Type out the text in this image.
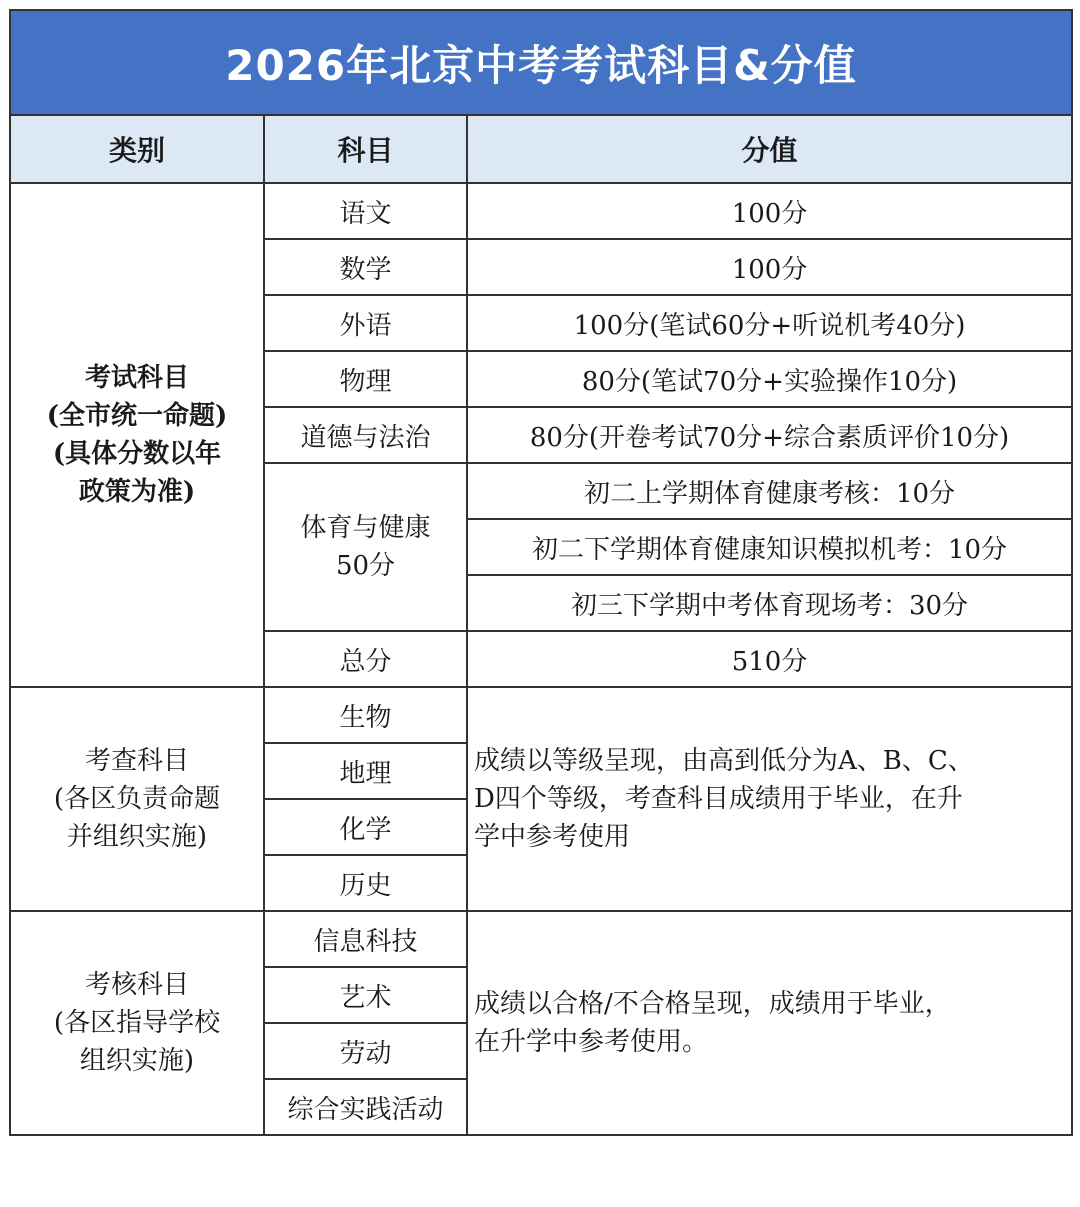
2026年北京中考考试科目&分值		
类别	科目	分值

考试科目
(全市统一命题)
(具体分数以年
政策为准)	语文	100分
	数学	100分
	外语	100分(笔试60分+听说机考40分)
	物理	80分(笔试70分+实验操作10分)
	道德与法治	80分(开卷考试70分+综合素质评价10分)

	体育与健康
50分	初二上学期体育健康考核：10分
		初二下学期体育健康知识模拟机考：10分
		初三下学期中考体育现场考：30分
	总分	510分

考查科目
(各区负责命题
并组织实施)
	生物	
成绩以等级呈现，由高到低分为A、B、C、
D四个等级，考查科目成绩用于毕业，在升
学中参考使用

	地理	
	化学	
	历史	

考核科目
(各区指导学校
组织实施)
	信息科技	
成绩以合格/不合格呈现，成绩用于毕业，
在升学中参考使用。

	艺术	
	劳动	
	综合实践活动	
